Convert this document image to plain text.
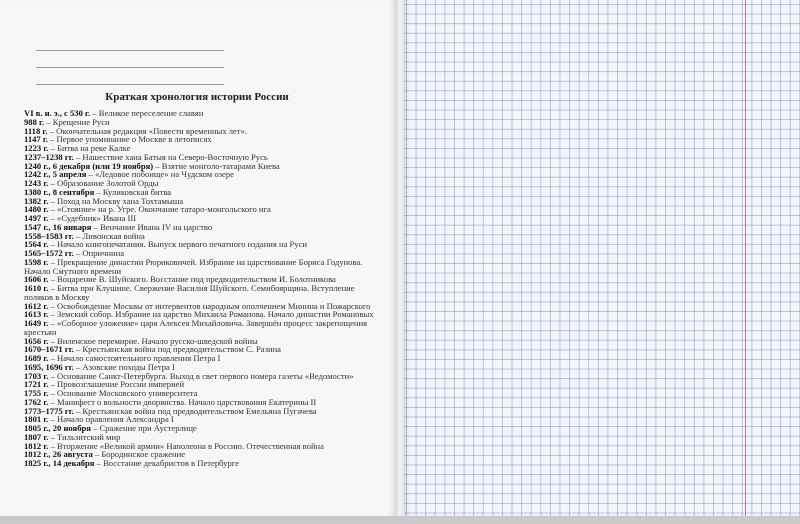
Краткая хронология истории России

VI в. н. э., с 530 г. – Великое переселение славян

988 г. – Крещение Руси

1118 г. – Окончательная редакция «Повести временных лет».

1147 г. – Первое упоминание о Москве в летописях

1223 г. – Битва на реке Калке

1237–1238 гг. – Нашествие хана Батыя на Северо-Восточную Русь

1240 г., 6 декабря (или 19 ноября) – Взятие монголо-татарами Киева

1242 г., 5 апреля – «Ледовое побоище» на Чудском озере

1243 г. – Образование Золотой Орды

1380 г., 8 сентября – Куликовская битва

1382 г. – Поход на Москву хана Тохтамыша

1480 г. – «Стояние» на р. Угре. Окончание татаро-монгольского ига

1497 г. – «Судебник» Ивана III

1547 г., 16 января – Венчание Ивана IV на царство

1558–1583 гг. – Ливонская война

1564 г. – Начало книгопечатания. Выпуск первого печатного издания на Руси

1565–1572 гг. – Опричнина

1598 г. – Прекращение династии Рюриковичей. Избрание на царствование Бориса Годунова. Начало Смутного времени

1606 г. – Воцарение В. Шуйского. Восстание под предводительством И. Болотникова

1610 г. – Битва при Клушине. Свержение Василия Шуйского. Семибоярщина. Вступление поляков в Москву

1612 г. – Освобождение Москвы от интервентов народным ополчением Минина и Пожарского

1613 г. – Земский собор. Избрание на царство Михаила Романова. Начало династии Романовых

1649 г. – «Соборное уложение» царя Алексея Михайловича. Завершён процесс закрепощения крестьян

1656 г. – Виленское перемирие. Начало русско-шведской войны

1670–1671 гг. – Крестьянская война под предводительством С. Разина

1689 г. – Начало самостоятельного правления Петра I

1695, 1696 гг. – Азовские походы Петра I

1703 г. – Основание Санкт-Петербурга. Выход в свет первого номера газеты «Ведомости»

1721 г. – Провозглашение России империей

1755 г. – Основание Московского университета

1762 г. – Манифест о вольности дворянства. Начало царствования Екатерины II

1773–1775 гг. – Крестьянская война под предводительством Емельяна Пугачева

1801 г. – Начало правления Александра I

1805 г., 20 ноября – Сражение при Аустерлице

1807 г. – Тильзитский мир

1812 г. – Вторжение «Великой армии» Наполеона в Россию. Отечественная война

1812 г., 26 августа – Бородинское сражение

1825 г., 14 декабря – Восстание декабристов в Петербурге
